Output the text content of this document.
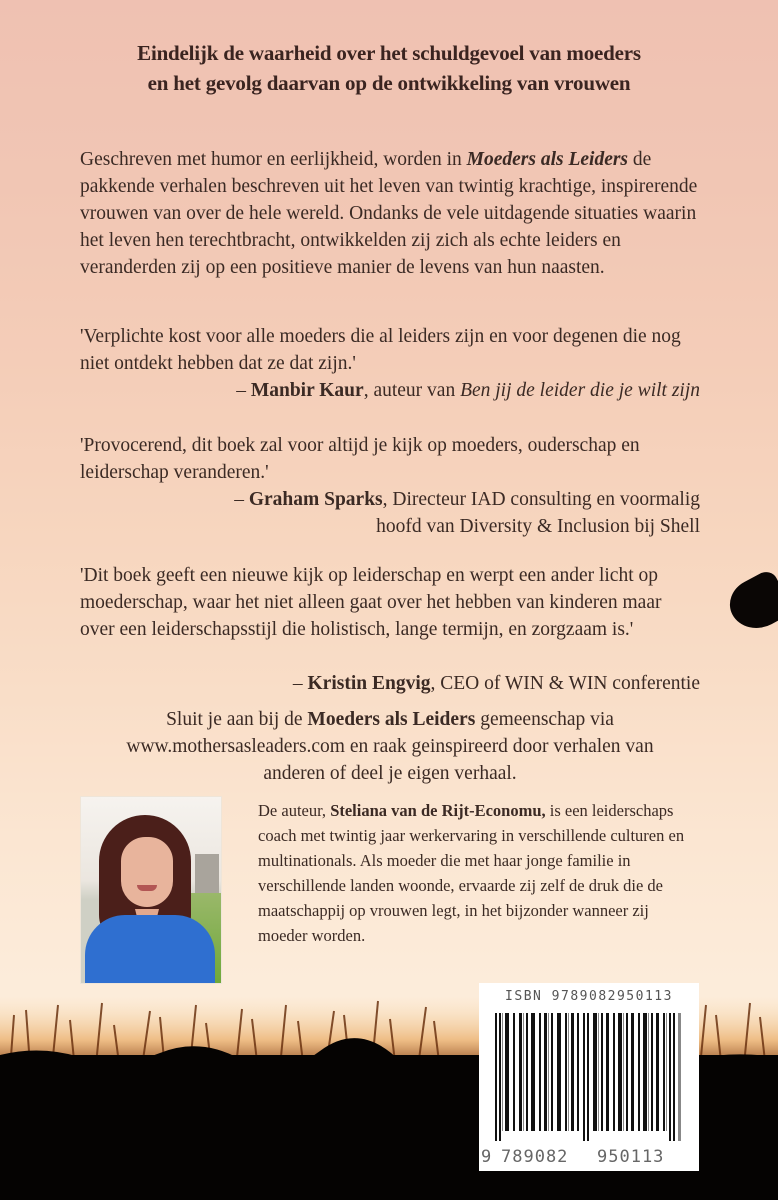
Eindelijk de waarheid over het schuldgevoel van moeders
en het gevolg daarvan op de ontwikkeling van vrouwen
Geschreven met humor en eerlijkheid, worden in Moeders als Leiders de pakkende verhalen beschreven uit het leven van twintig krachtige, inspirerende vrouwen van over de hele wereld. Ondanks de vele uitdagende situaties waarin het leven hen terechtbracht, ontwikkelden zij zich als echte leiders en veranderden zij op een positieve manier de levens van hun naasten.
'Verplichte kost voor alle moeders die al leiders zijn en voor degenen die nog niet ontdekt hebben dat ze dat zijn.'
– Manbir Kaur, auteur van Ben jij de leider die je wilt zijn
'Provocerend, dit boek zal voor altijd je kijk op moeders, ouderschap en leiderschap veranderen.'
– Graham Sparks, Directeur IAD consulting en voormalig
hoofd van Diversity & Inclusion bij Shell
'Dit boek geeft een nieuwe kijk op leiderschap en werpt een ander licht op moederschap, waar het niet alleen gaat over het hebben van kinderen maar over een leiderschapsstijl die holistisch, lange termijn, en zorgzaam is.'
– Kristin Engvig, CEO of WIN & WIN conferentie
Sluit je aan bij de Moeders als Leiders gemeenschap via www.mothersasleaders.com en raak geinspireerd door verhalen van anderen of deel je eigen verhaal.
De auteur, Steliana van de Rijt-Economu, is een leiderschaps coach met twintig jaar werkervaring in verschillende culturen en multinationals. Als moeder die met haar jonge familie in verschillende landen woonde, ervaarde zij zelf de druk die de maatschappij op vrouwen legt, in het bijzonder wanneer zij moeder worden.
ISBN 9789082950113
9 789082 950113
